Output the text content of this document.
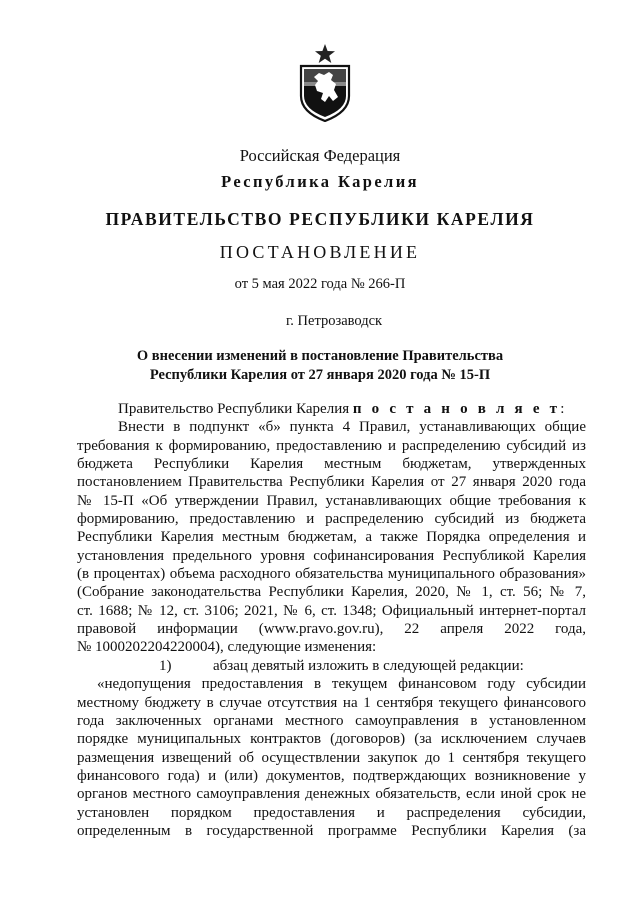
Российская Федерация
Республика Карелия
ПРАВИТЕЛЬСТВО РЕСПУБЛИКИ КАРЕЛИЯ
ПОСТАНОВЛЕНИЕ
от 5 мая 2022 года № 266-П
г. Петрозаводск
О внесении изменений в постановление Правительства
Республики Карелия от 27 января 2020 года № 15-П
Правительство Республики Карелия п о с т а н о в л я е т:
Внести в подпункт «б» пункта 4 Правил, устанавливающих общие
требования к формированию, предоставлению и распределению субсидий из
бюджета Республики Карелия местным бюджетам, утвержденных
постановлением Правительства Республики Карелия от 27 января 2020 года
№ 15-П «Об утверждении Правил, устанавливающих общие требования к
формированию, предоставлению и распределению субсидий из бюджета
Республики Карелия местным бюджетам, а также Порядка определения и
установления предельного уровня софинансирования Республикой Карелия
(в процентах) объема расходного обязательства муниципального образования»
(Собрание законодательства Республики Карелия, 2020, № 1, ст. 56; № 7,
ст. 1688; № 12, ст. 3106; 2021, № 6, ст. 1348; Официальный интернет-портал
правовой информации (www.pravo.gov.ru), 22 апреля 2022 года,
№ 1000202204220004), следующие изменения:
1)	абзац девятый изложить в следующей редакции:
«недопущения предоставления в текущем финансовом году субсидии
местному бюджету в случае отсутствия на 1 сентября текущего финансового
года заключенных органами местного самоуправления в установленном
порядке муниципальных контрактов (договоров) (за исключением случаев
размещения извещений об осуществлении закупок до 1 сентября текущего
финансового года) и (или) документов, подтверждающих возникновение у
органов местного самоуправления денежных обязательств, если иной срок не
установлен порядком предоставления и распределения субсидии,
определенным в государственной программе Республики Карелия (за
